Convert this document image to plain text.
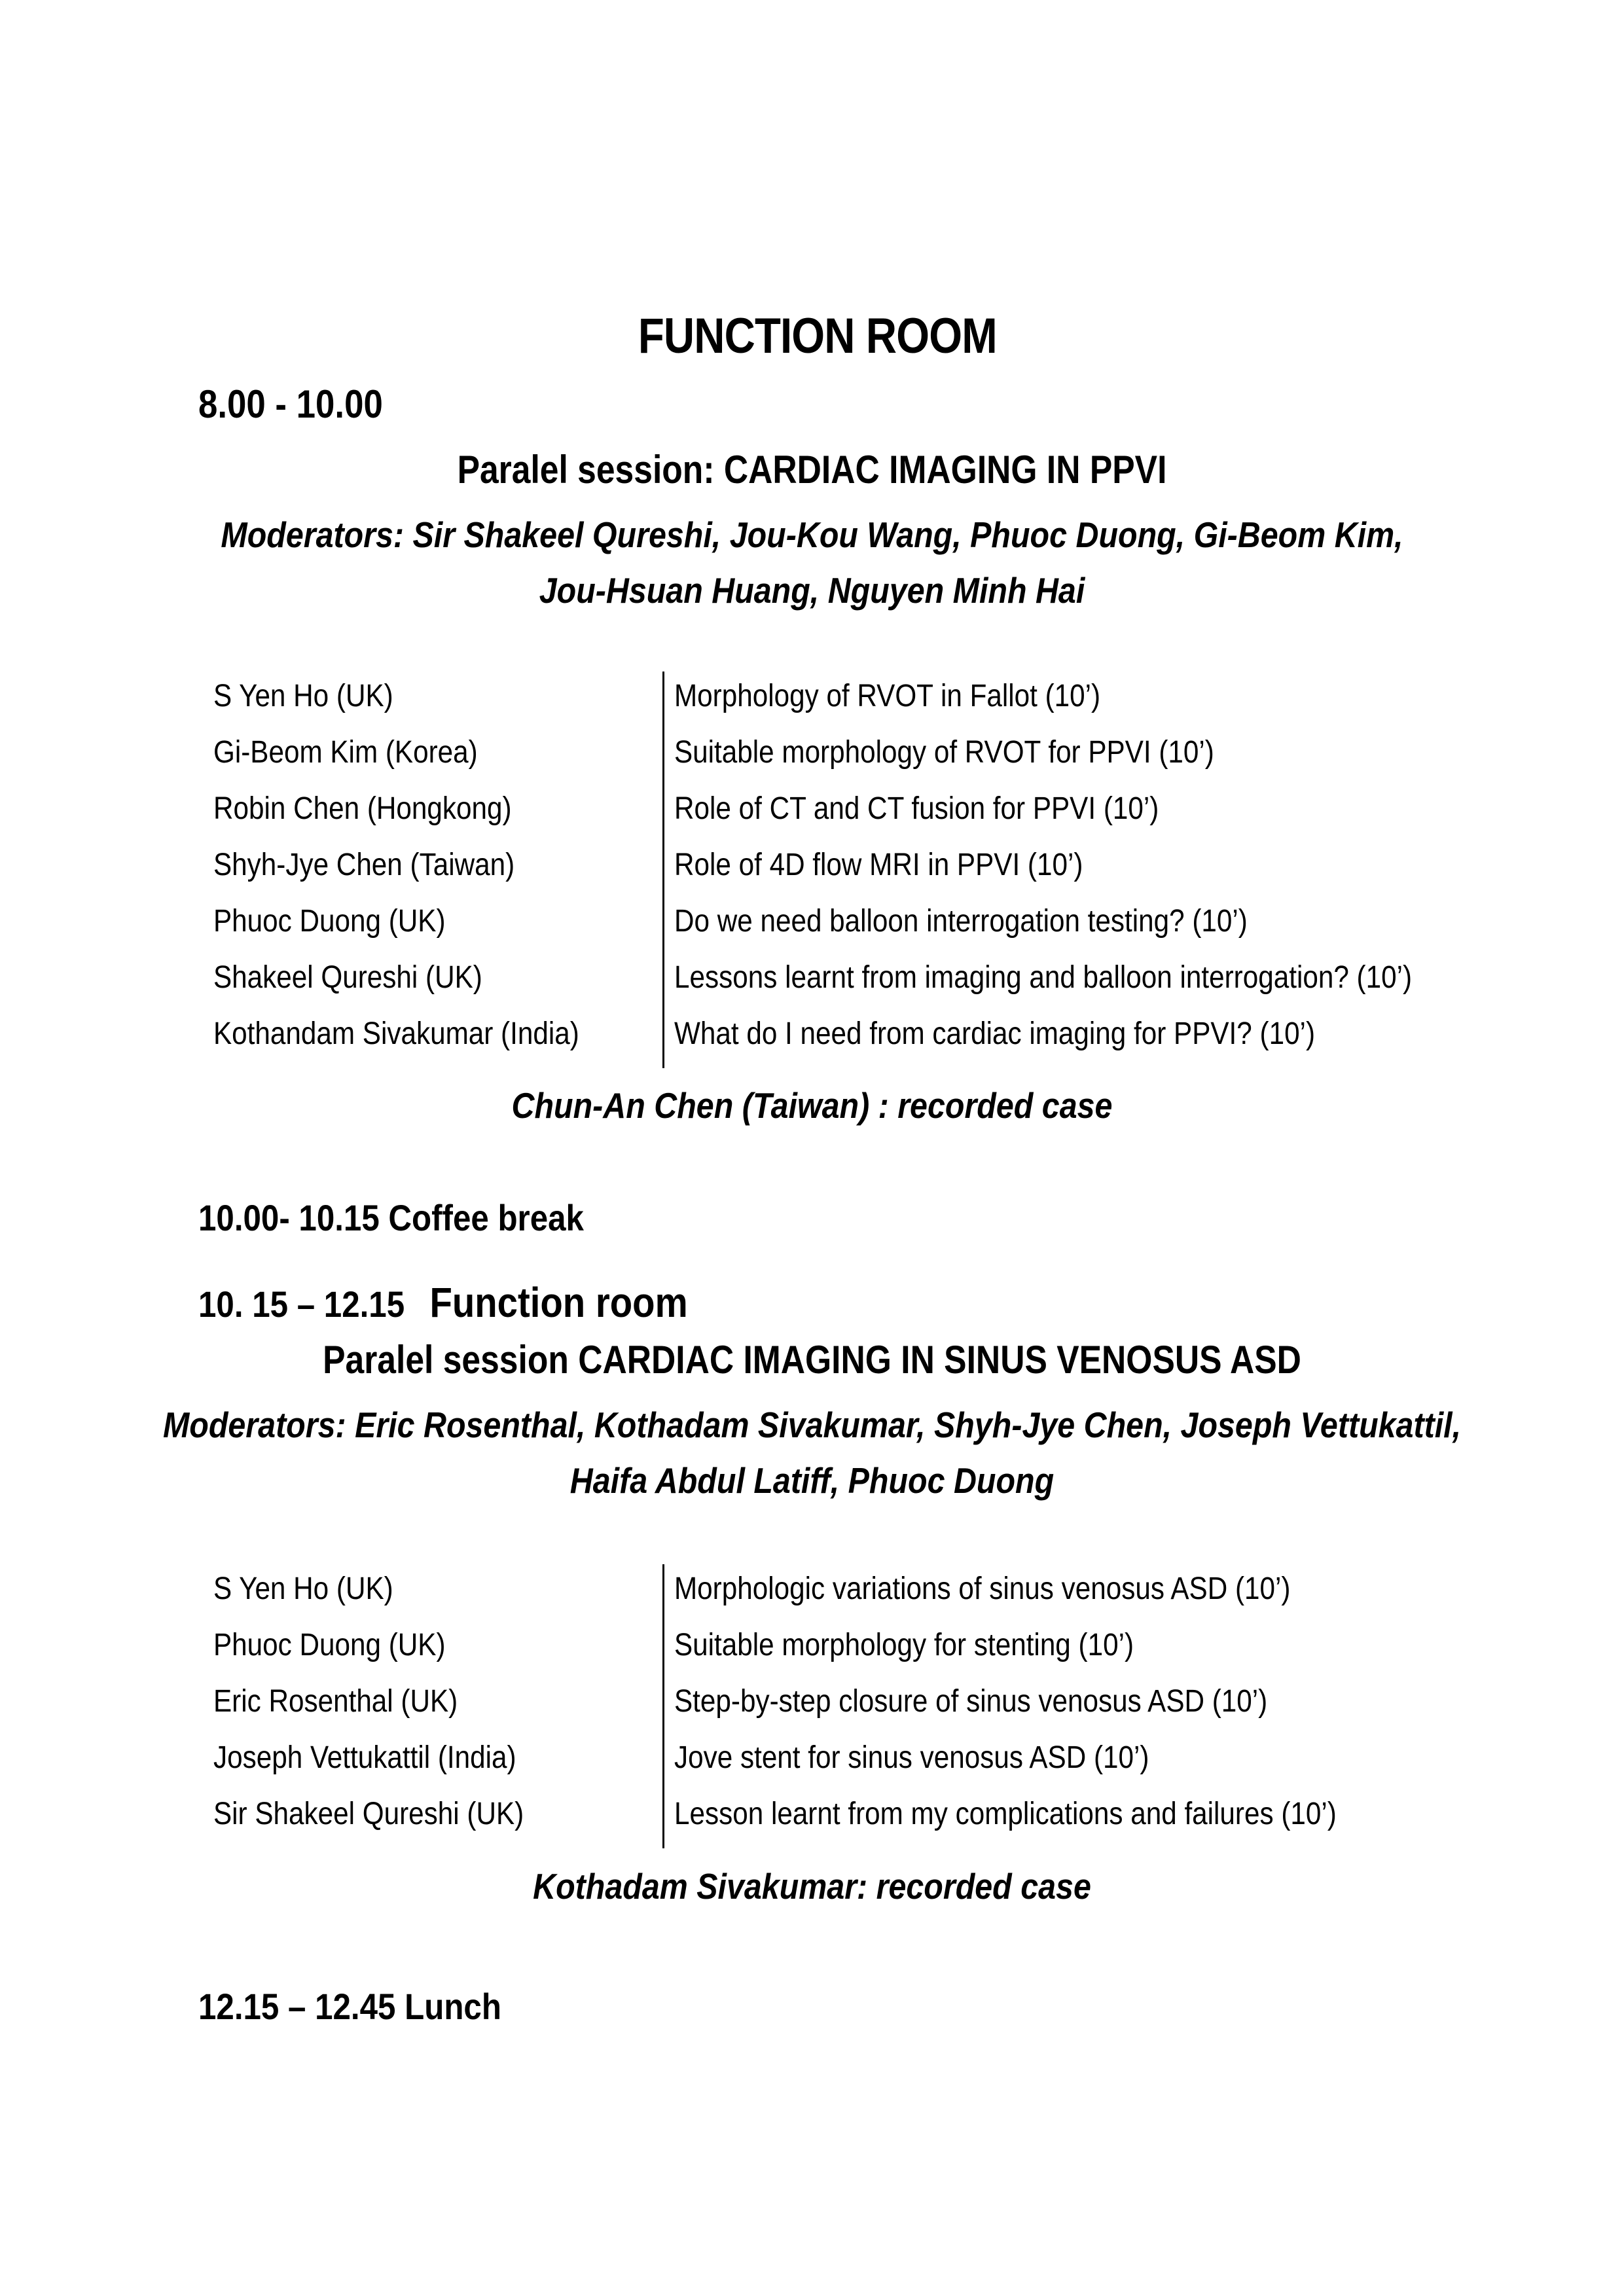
FUNCTION ROOM
8.00 - 10.00
Paralel session: CARDIAC IMAGING IN PPVI
Moderators: Sir Shakeel Qureshi, Jou-Kou Wang, Phuoc Duong, Gi-Beom Kim,
Jou-Hsuan Huang, Nguyen Minh Hai
S Yen Ho (UK)	Morphology of RVOT in Fallot (10’)
Gi-Beom Kim (Korea)	Suitable morphology of RVOT for PPVI (10’)
Robin Chen (Hongkong)	Role of CT and CT fusion for PPVI (10’)
Shyh-Jye Chen (Taiwan)	Role of 4D flow MRI in PPVI (10’)
Phuoc Duong (UK)	Do we need balloon interrogation testing? (10’)
Shakeel Qureshi (UK)	Lessons learnt from imaging and balloon interrogation? (10’)
Kothandam Sivakumar (India)	What do I need from cardiac imaging for PPVI? (10’)
Chun-An Chen (Taiwan) : recorded case
10.00- 10.15 Coffee break
10. 15 – 12.15 Function room
Paralel session CARDIAC IMAGING IN SINUS VENOSUS ASD
Moderators: Eric Rosenthal, Kothadam Sivakumar, Shyh-Jye Chen, Joseph Vettukattil,
Haifa Abdul Latiff, Phuoc Duong
S Yen Ho (UK)	Morphologic variations of sinus venosus ASD (10’)
Phuoc Duong (UK)	Suitable morphology for stenting (10’)
Eric Rosenthal (UK)	Step-by-step closure of sinus venosus ASD (10’)
Joseph Vettukattil (India)	Jove stent for sinus venosus ASD (10’)
Sir Shakeel Qureshi (UK)	Lesson learnt from my complications and failures (10’)
Kothadam Sivakumar: recorded case
12.15 – 12.45 Lunch
